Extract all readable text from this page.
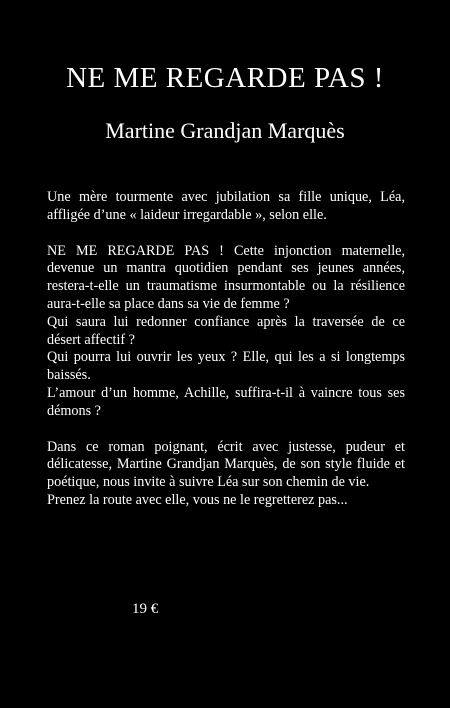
NE ME REGARDE PAS !
Martine Grandjan Marquès

Une mère tourmente avec jubilation sa fille unique, Léa, affligée d’une « laideur irregardable », selon elle.

NE ME REGARDE PAS ! Cette injonction maternelle, devenue un mantra quotidien pendant ses jeunes années, restera-t-elle un traumatisme insurmontable ou la résilience aura-t-elle sa place dans sa vie de femme ?

Qui saura lui redonner confiance après la traversée de ce désert affectif ?

Qui pourra lui ouvrir les yeux ? Elle, qui les a si longtemps baissés.

L’amour d’un homme, Achille, suffira-t-il à vaincre tous ses démons ?

Dans ce roman poignant, écrit avec justesse, pudeur et délicatesse, Martine Grandjan Marquès, de son style fluide et poétique, nous invite à suivre Léa sur son chemin de vie.

Prenez la route avec elle, vous ne le regretterez pas...

19 €
